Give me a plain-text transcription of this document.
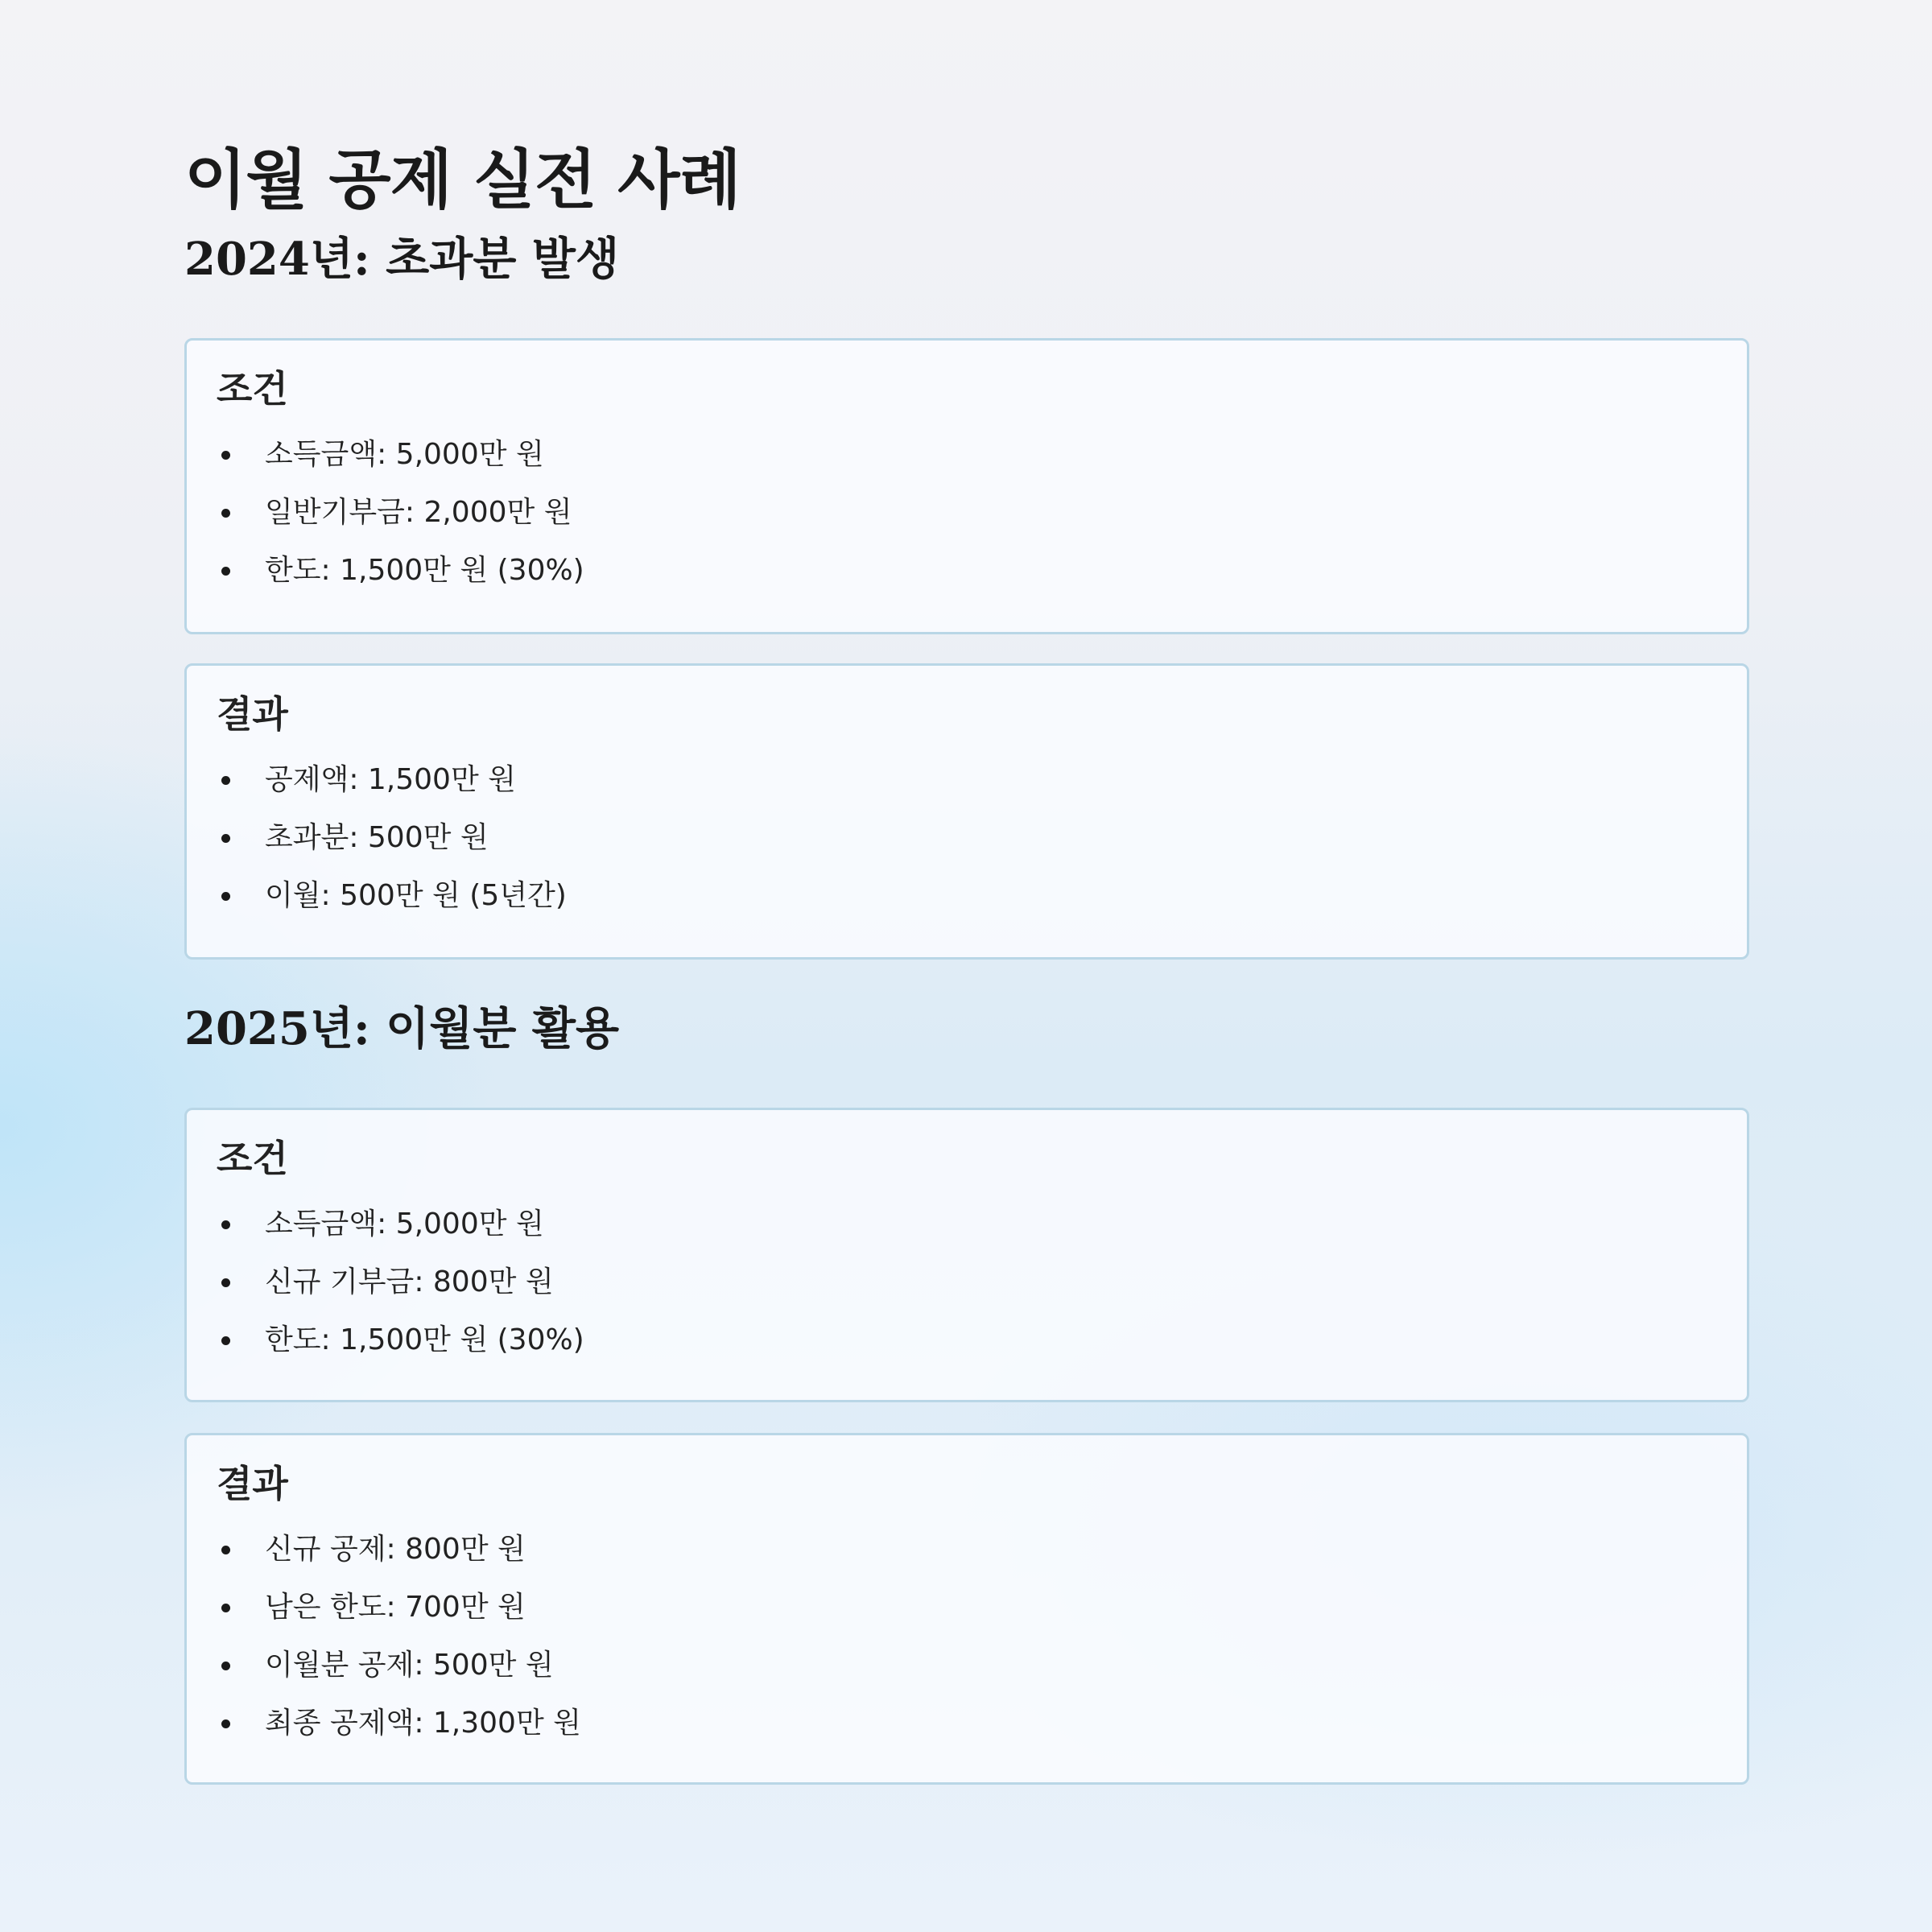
이월 공제 실전 사례
2024년: 초과분 발생
조건
소득금액: 5,000만 원
일반기부금: 2,000만 원
한도: 1,500만 원 (30%)
결과
공제액: 1,500만 원
초과분: 500만 원
이월: 500만 원 (5년간)
2025년: 이월분 활용
조건
소득금액: 5,000만 원
신규 기부금: 800만 원
한도: 1,500만 원 (30%)
결과
신규 공제: 800만 원
남은 한도: 700만 원
이월분 공제: 500만 원
최종 공제액: 1,300만 원
